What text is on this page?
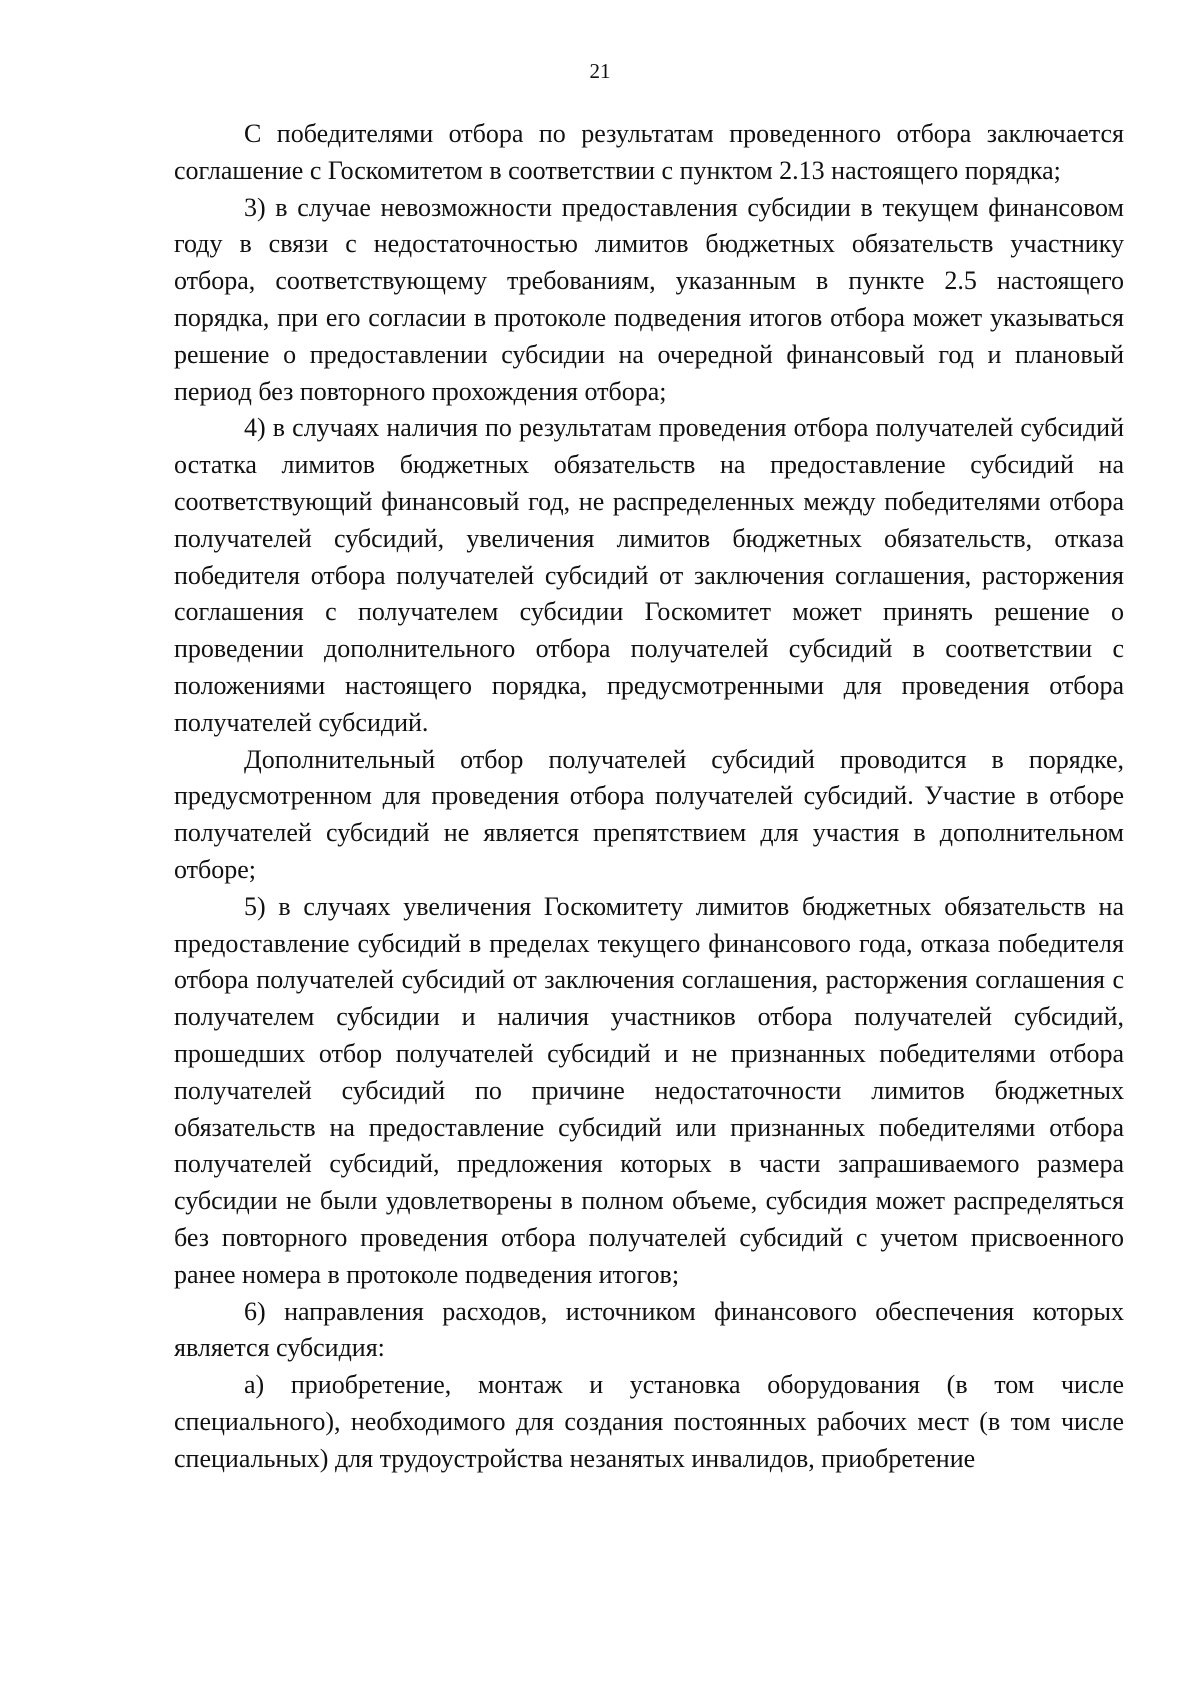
21

С победителями отбора по результатам проведенного отбора заключается соглашение с Госкомитетом в соответствии с пунктом 2.13 настоящего порядка;

3) в случае невозможности предоставления субсидии в текущем финансовом году в связи с недостаточностью лимитов бюджетных обязательств участнику отбора, соответствующему требованиям, указанным в пункте 2.5 настоящего порядка, при его согласии в протоколе подведения итогов отбора может указываться решение о предоставлении субсидии на очередной финансовый год и плановый период без повторного прохождения отбора;

4) в случаях наличия по результатам проведения отбора получателей субсидий остатка лимитов бюджетных обязательств на предоставление субсидий на соответствующий финансовый год, не распределенных между победителями отбора получателей субсидий, увеличения лимитов бюджетных обязательств, отказа победителя отбора получателей субсидий от заключения соглашения, расторжения соглашения с получателем субсидии Госкомитет может принять решение о проведении дополнительного отбора получателей субсидий в соответствии с положениями настоящего порядка, предусмотренными для проведения отбора получателей субсидий.

Дополнительный отбор получателей субсидий проводится в порядке, предусмотренном для проведения отбора получателей субсидий. Участие в отборе получателей субсидий не является препятствием для участия в дополнительном отборе;

5) в случаях увеличения Госкомитету лимитов бюджетных обязательств на предоставление субсидий в пределах текущего финансового года, отказа победителя отбора получателей субсидий от заключения соглашения, расторжения соглашения с получателем субсидии и наличия участников отбора получателей субсидий, прошедших отбор получателей субсидий и не признанных победителями отбора получателей субсидий по причине недостаточности лимитов бюджетных обязательств на предоставление субсидий или признанных победителями отбора получателей субсидий, предложения которых в части запрашиваемого размера субсидии не были удовлетворены в полном объеме, субсидия может распределяться без повторного проведения отбора получателей субсидий с учетом присвоенного ранее номера в протоколе подведения итогов;

6) направления расходов, источником финансового обеспечения которых является субсидия:

а) приобретение, монтаж и установка оборудования (в том числе специального), необходимого для создания постоянных рабочих мест (в том числе специальных) для трудоустройства незанятых инвалидов, приобретение
